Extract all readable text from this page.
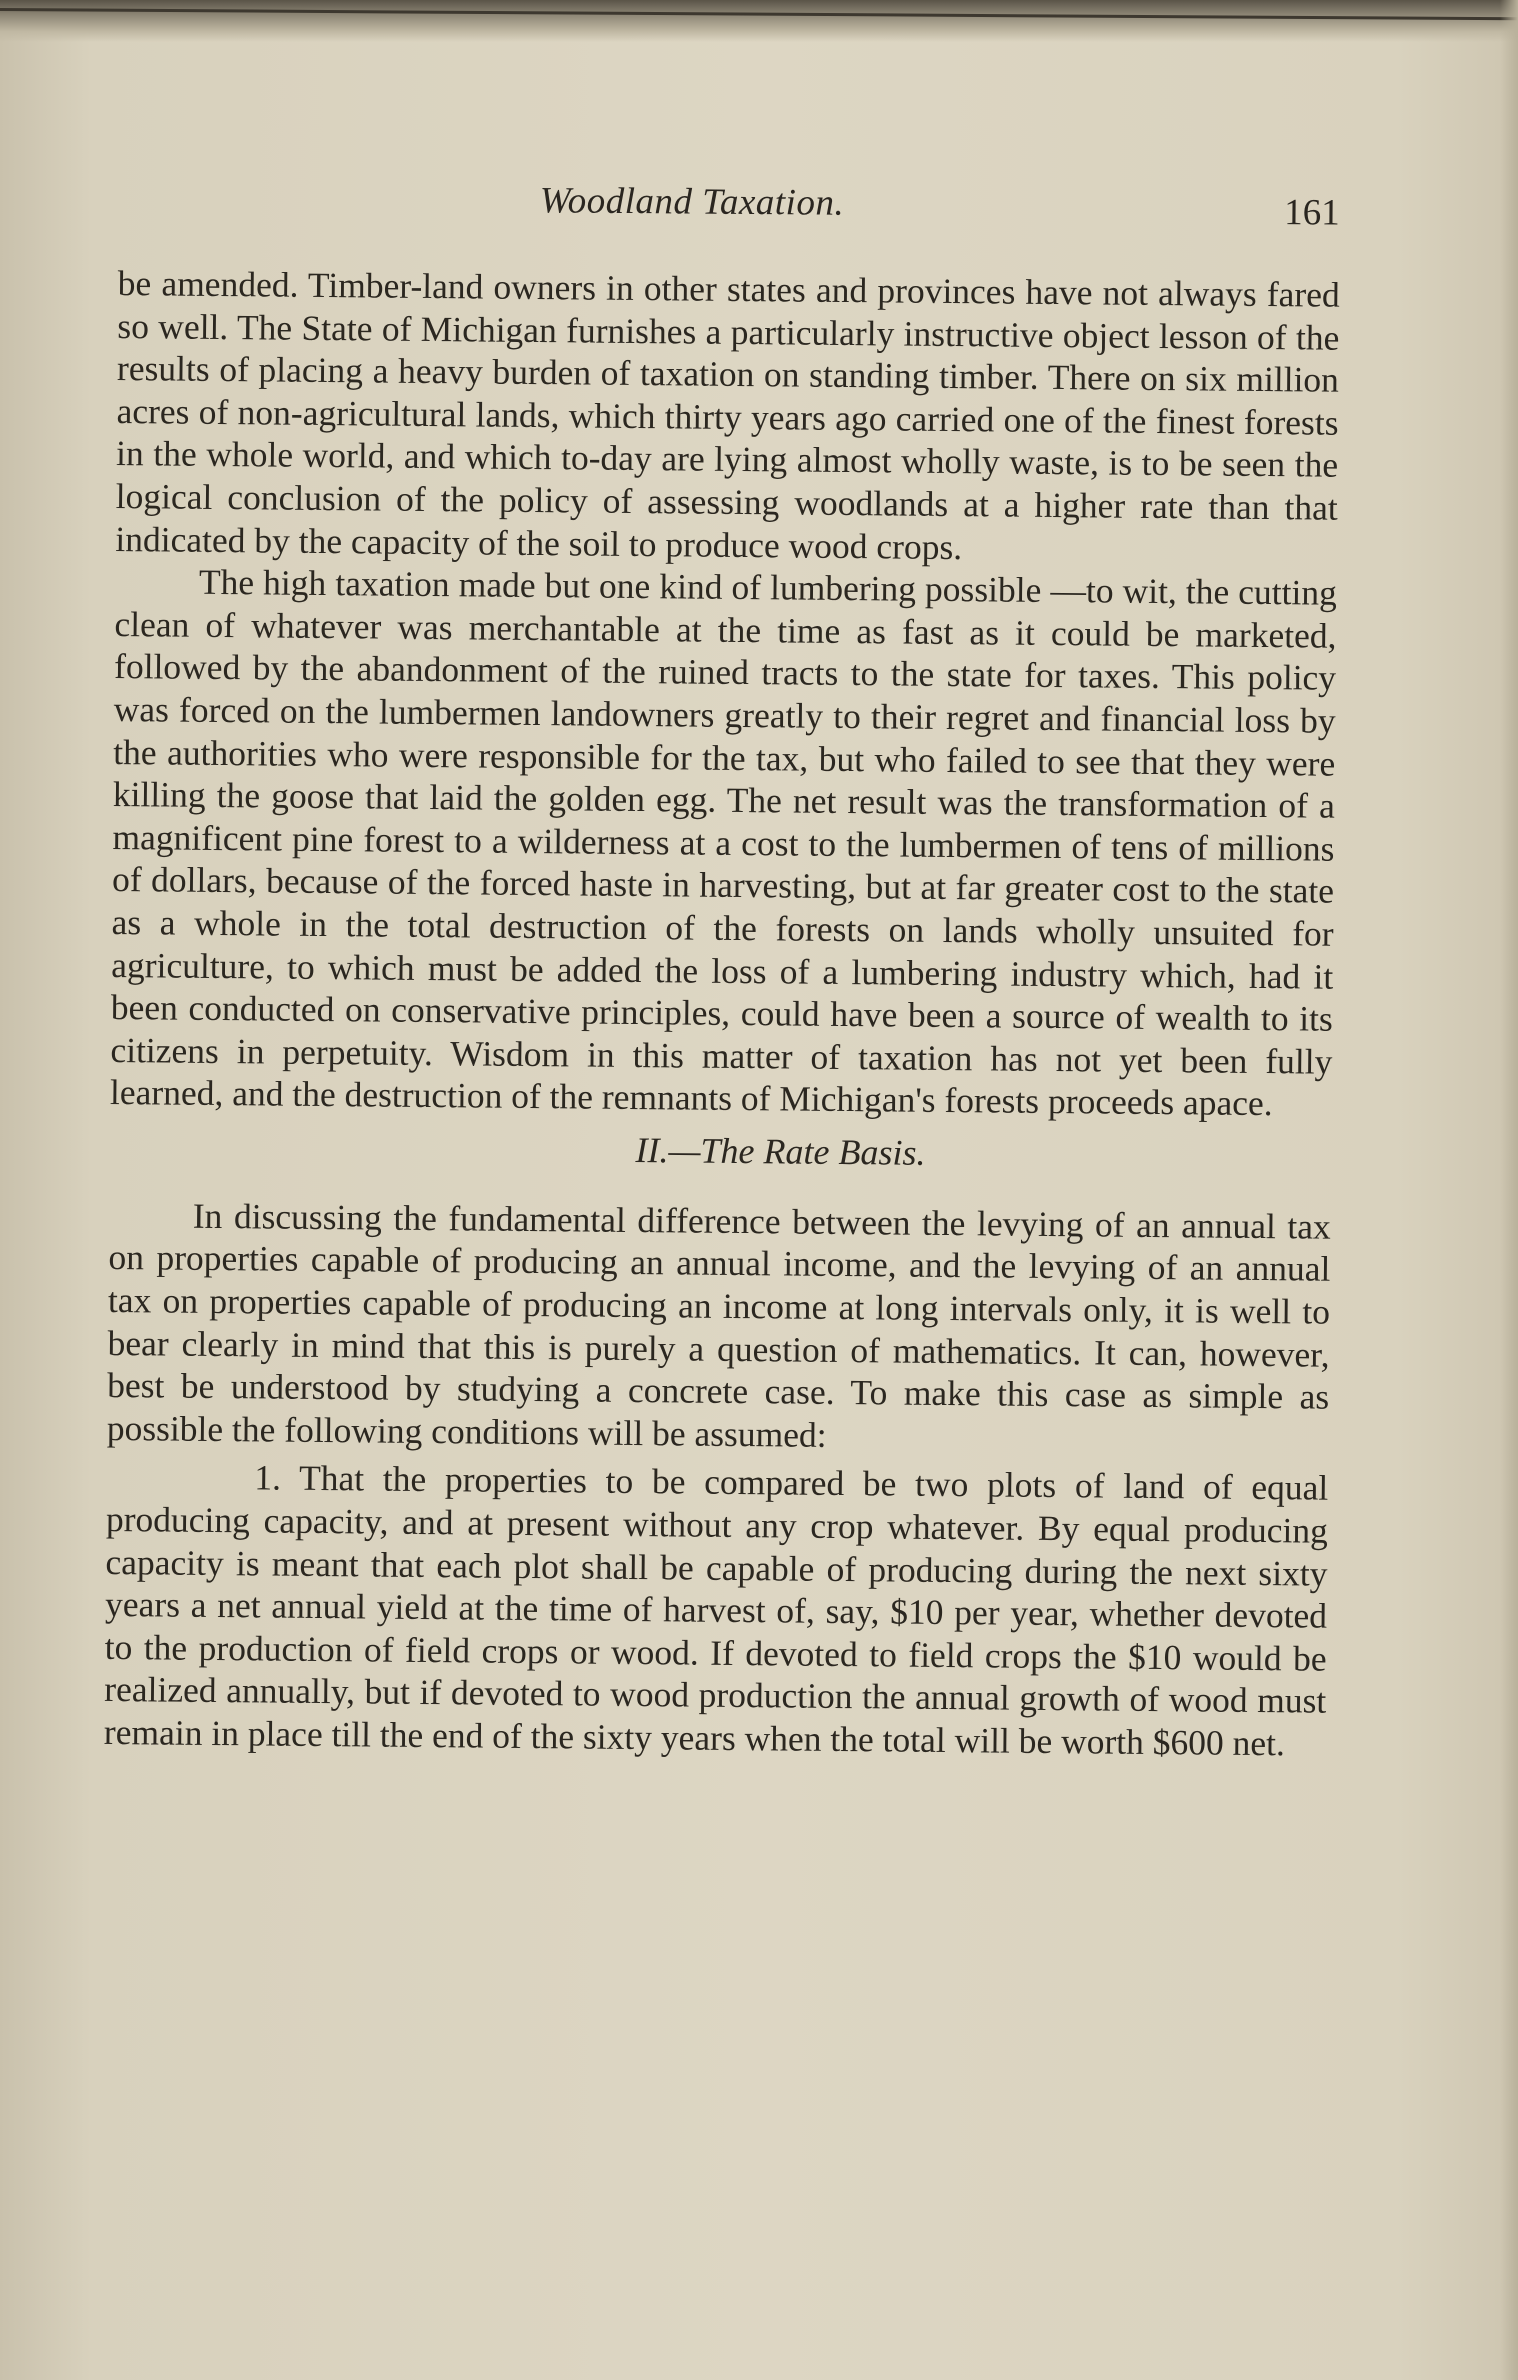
Woodland Taxation.	161

be amended. Timber-land owners in other states and provinces have not always fared so well. The State of Michigan furnishes a particularly instructive object lesson of the results of placing a heavy burden of taxation on standing timber. There on six million acres of non-agricultural lands, which thirty years ago carried one of the finest forests in the whole world, and which to-day are lying almost wholly waste, is to be seen the logical conclusion of the policy of assessing woodlands at a higher rate than that indicated by the capacity of the soil to produce wood crops.

The high taxation made but one kind of lumbering possible —to wit, the cutting clean of whatever was merchantable at the time as fast as it could be marketed, followed by the abandonment of the ruined tracts to the state for taxes. This policy was forced on the lumbermen landowners greatly to their regret and financial loss by the authorities who were responsible for the tax, but who failed to see that they were killing the goose that laid the golden egg. The net result was the transformation of a magnificent pine forest to a wilderness at a cost to the lumbermen of tens of millions of dollars, because of the forced haste in harvesting, but at far greater cost to the state as a whole in the total destruction of the forests on lands wholly unsuited for agriculture, to which must be added the loss of a lumbering industry which, had it been conducted on conservative principles, could have been a source of wealth to its citizens in perpetuity. Wisdom in this matter of taxation has not yet been fully learned, and the destruction of the remnants of Michigan's forests proceeds apace.

II.—The Rate Basis.

In discussing the fundamental difference between the levying of an annual tax on properties capable of producing an annual income, and the levying of an annual tax on properties capable of producing an income at long intervals only, it is well to bear clearly in mind that this is purely a question of mathematics. It can, however, best be understood by studying a concrete case. To make this case as simple as possible the following conditions will be assumed:

1. That the properties to be compared be two plots of land of equal producing capacity, and at present without any crop whatever. By equal producing capacity is meant that each plot shall be capable of producing during the next sixty years a net annual yield at the time of harvest of, say, $10 per year, whether devoted to the production of field crops or wood. If devoted to field crops the $10 would be realized annually, but if devoted to wood production the annual growth of wood must remain in place till the end of the sixty years when the total will be worth $600 net.
